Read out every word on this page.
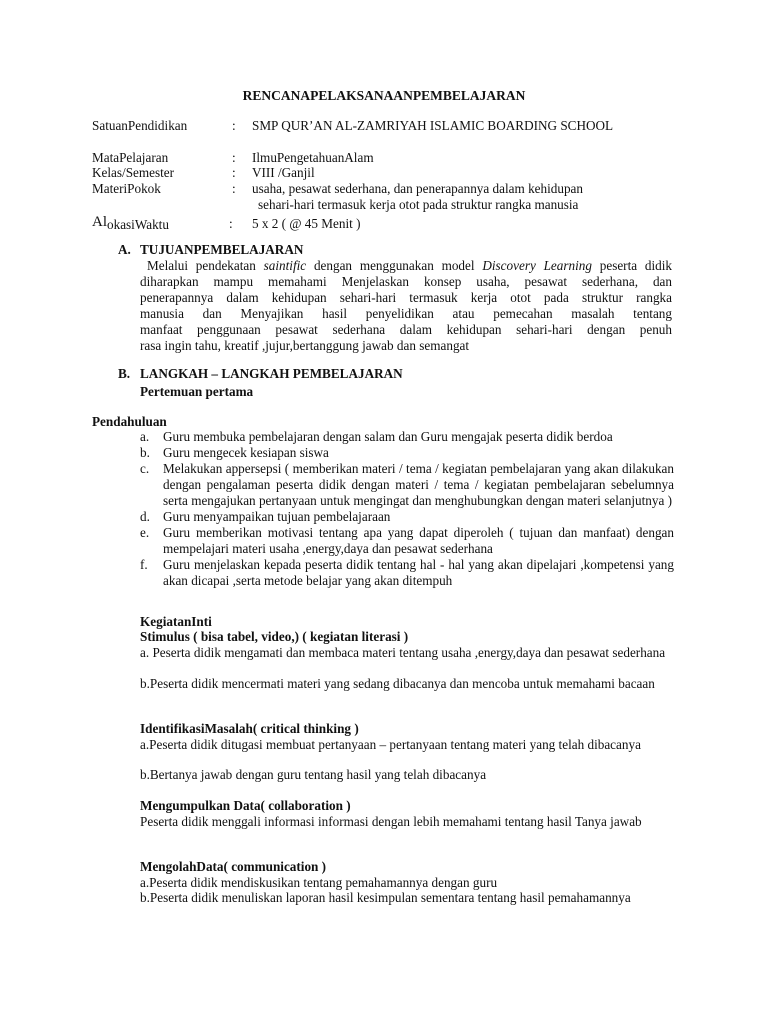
RENCANAPELAKSANAANPEMBELAJARAN
SatuanPendidikan	: SMP QUR’AN AL-ZAMRIYAH ISLAMIC BOARDING SCHOOL
MataPelajaran	: IlmuPengetahuanAlam
Kelas/Semester	: VIII /Ganjil
MateriPokok	: usaha, pesawat sederhana, dan penerapannya dalam kehidupan
sehari-hari termasuk kerja otot pada struktur rangka manusia
AlokasiWaktu	: 5 x 2 ( @ 45 Menit )
A. TUJUANPEMBELAJARAN
Melalui pendekatan saintific dengan menggunakan model Discovery Learning peserta didik
diharapkan mampu memahami Menjelaskan konsep usaha, pesawat sederhana, dan
penerapannya dalam kehidupan sehari-hari termasuk kerja otot pada struktur rangka
manusia dan Menyajikan hasil penyelidikan atau pemecahan masalah tentang
manfaat penggunaan pesawat sederhana dalam kehidupan sehari-hari dengan penuh
rasa ingin tahu, kreatif ,jujur,bertanggung jawab dan semangat
B. LANGKAH – LANGKAH PEMBELAJARAN
Pertemuan pertama
Pendahuluan
a. Guru membuka pembelajaran dengan salam dan Guru mengajak peserta didik berdoa
b. Guru mengecek kesiapan siswa
c. Melakukan appersepsi ( memberikan materi / tema / kegiatan pembelajaran yang akan dilakukan dengan pengalaman peserta didik dengan materi / tema / kegiatan pembelajaran sebelumnya serta mengajukan pertanyaan untuk mengingat dan menghubungkan dengan materi selanjutnya )
d. Guru menyampaikan tujuan pembelajaraan
e. Guru memberikan motivasi tentang apa yang dapat diperoleh ( tujuan dan manfaat) dengan mempelajari materi usaha ,energy,daya dan pesawat sederhana
f. Guru menjelaskan kepada peserta didik tentang hal - hal yang akan dipelajari ,kompetensi yang akan dicapai ,serta metode belajar yang akan ditempuh
KegiatanInti
Stimulus ( bisa tabel, video,) ( kegiatan literasi )
a. Peserta didik mengamati dan membaca materi tentang usaha ,energy,daya dan pesawat sederhana
b.Peserta didik mencermati materi yang sedang dibacanya dan mencoba untuk memahami bacaan
IdentifikasiMasalah( critical thinking )
a.Peserta didik ditugasi membuat pertanyaan – pertanyaan tentang materi yang telah dibacanya
b.Bertanya jawab dengan guru tentang hasil yang telah dibacanya
Mengumpulkan Data( collaboration )
Peserta didik menggali informasi informasi dengan lebih memahami tentang hasil Tanya jawab
MengolahData( communication )
a.Peserta didik mendiskusikan tentang pemahamannya dengan guru
b.Peserta didik menuliskan laporan hasil kesimpulan sementara tentang hasil pemahamannya
